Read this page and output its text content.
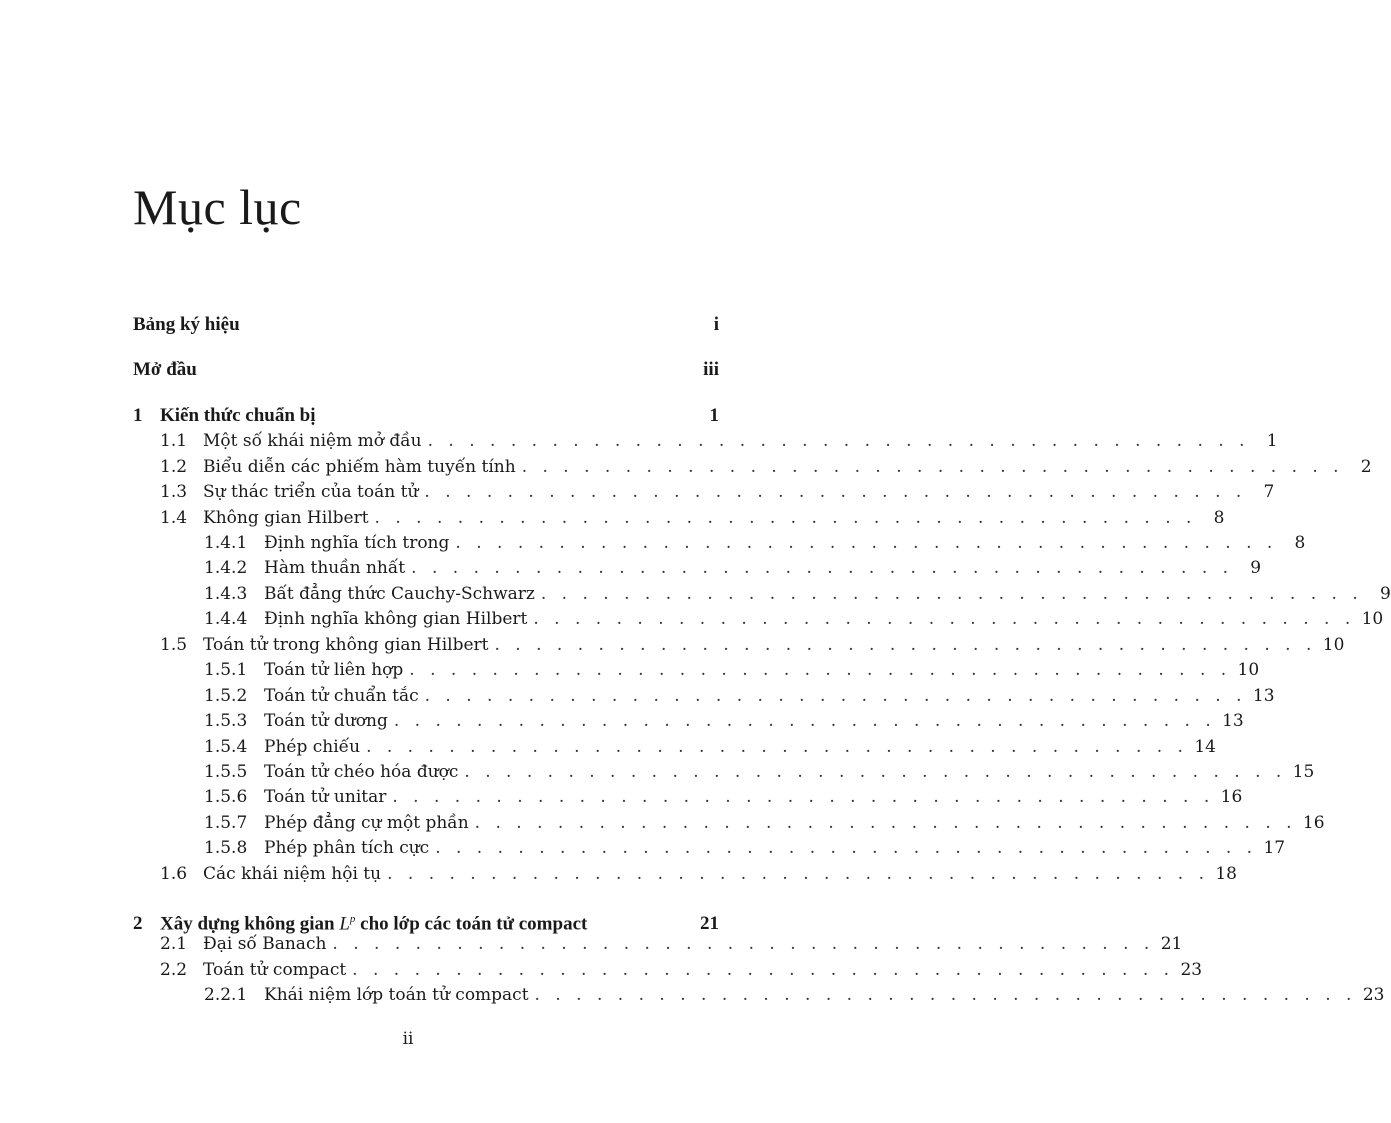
Mục lục
Bảng ký hiệu	i
Mở đầu	iii
1 Kiến thức chuẩn bị	1
1.1 Một số khái niệm mở đầu . . . . . . . . . . . . . . . . . . . . . . . . . . . . . . . . . . . . . . . .	1
1.2 Biểu diễn các phiếm hàm tuyến tính . . . . . . . . . . . . . . . . . . . . . . . . . . . . . . . . . . . . . . . .	2
1.3 Sự thác triển của toán tử . . . . . . . . . . . . . . . . . . . . . . . . . . . . . . . . . . . . . . . .	7
1.4 Không gian Hilbert . . . . . . . . . . . . . . . . . . . . . . . . . . . . . . . . . . . . . . . .	8
1.4.1 Định nghĩa tích trong . . . . . . . . . . . . . . . . . . . . . . . . . . . . . . . . . . . . . . . .	8
1.4.2 Hàm thuần nhất . . . . . . . . . . . . . . . . . . . . . . . . . . . . . . . . . . . . . . . .	9
1.4.3 Bất đẳng thức Cauchy-Schwarz . . . . . . . . . . . . . . . . . . . . . . . . . . . . . . . . . . . . . . . .	9
1.4.4 Định nghĩa không gian Hilbert . . . . . . . . . . . . . . . . . . . . . . . . . . . . . . . . . . . . . . . . 10
1.5 Toán tử trong không gian Hilbert . . . . . . . . . . . . . . . . . . . . . . . . . . . . . . . . . . . . . . . . 10
1.5.1 Toán tử liên hợp . . . . . . . . . . . . . . . . . . . . . . . . . . . . . . . . . . . . . . . . 10
1.5.2 Toán tử chuẩn tắc . . . . . . . . . . . . . . . . . . . . . . . . . . . . . . . . . . . . . . . . 13
1.5.3 Toán tử dương . . . . . . . . . . . . . . . . . . . . . . . . . . . . . . . . . . . . . . . . 13
1.5.4 Phép chiếu . . . . . . . . . . . . . . . . . . . . . . . . . . . . . . . . . . . . . . . . 14
1.5.5 Toán tử chéo hóa được . . . . . . . . . . . . . . . . . . . . . . . . . . . . . . . . . . . . . . . . 15
1.5.6 Toán tử unitar . . . . . . . . . . . . . . . . . . . . . . . . . . . . . . . . . . . . . . . . 16
1.5.7 Phép đẳng cự một phần . . . . . . . . . . . . . . . . . . . . . . . . . . . . . . . . . . . . . . . . 16
1.5.8 Phép phân tích cực . . . . . . . . . . . . . . . . . . . . . . . . . . . . . . . . . . . . . . . . 17
1.6 Các khái niệm hội tụ . . . . . . . . . . . . . . . . . . . . . . . . . . . . . . . . . . . . . . . . 18
2 Xây dựng không gian $L^p$ cho lớp các toán tử compact	21
2.1 Đại số Banach . . . . . . . . . . . . . . . . . . . . . . . . . . . . . . . . . . . . . . . . 21
2.2 Toán tử compact . . . . . . . . . . . . . . . . . . . . . . . . . . . . . . . . . . . . . . . . 23
2.2.1 Khái niệm lớp toán tử compact . . . . . . . . . . . . . . . . . . . . . . . . . . . . . . . . . . . . . . . . 23
ii
